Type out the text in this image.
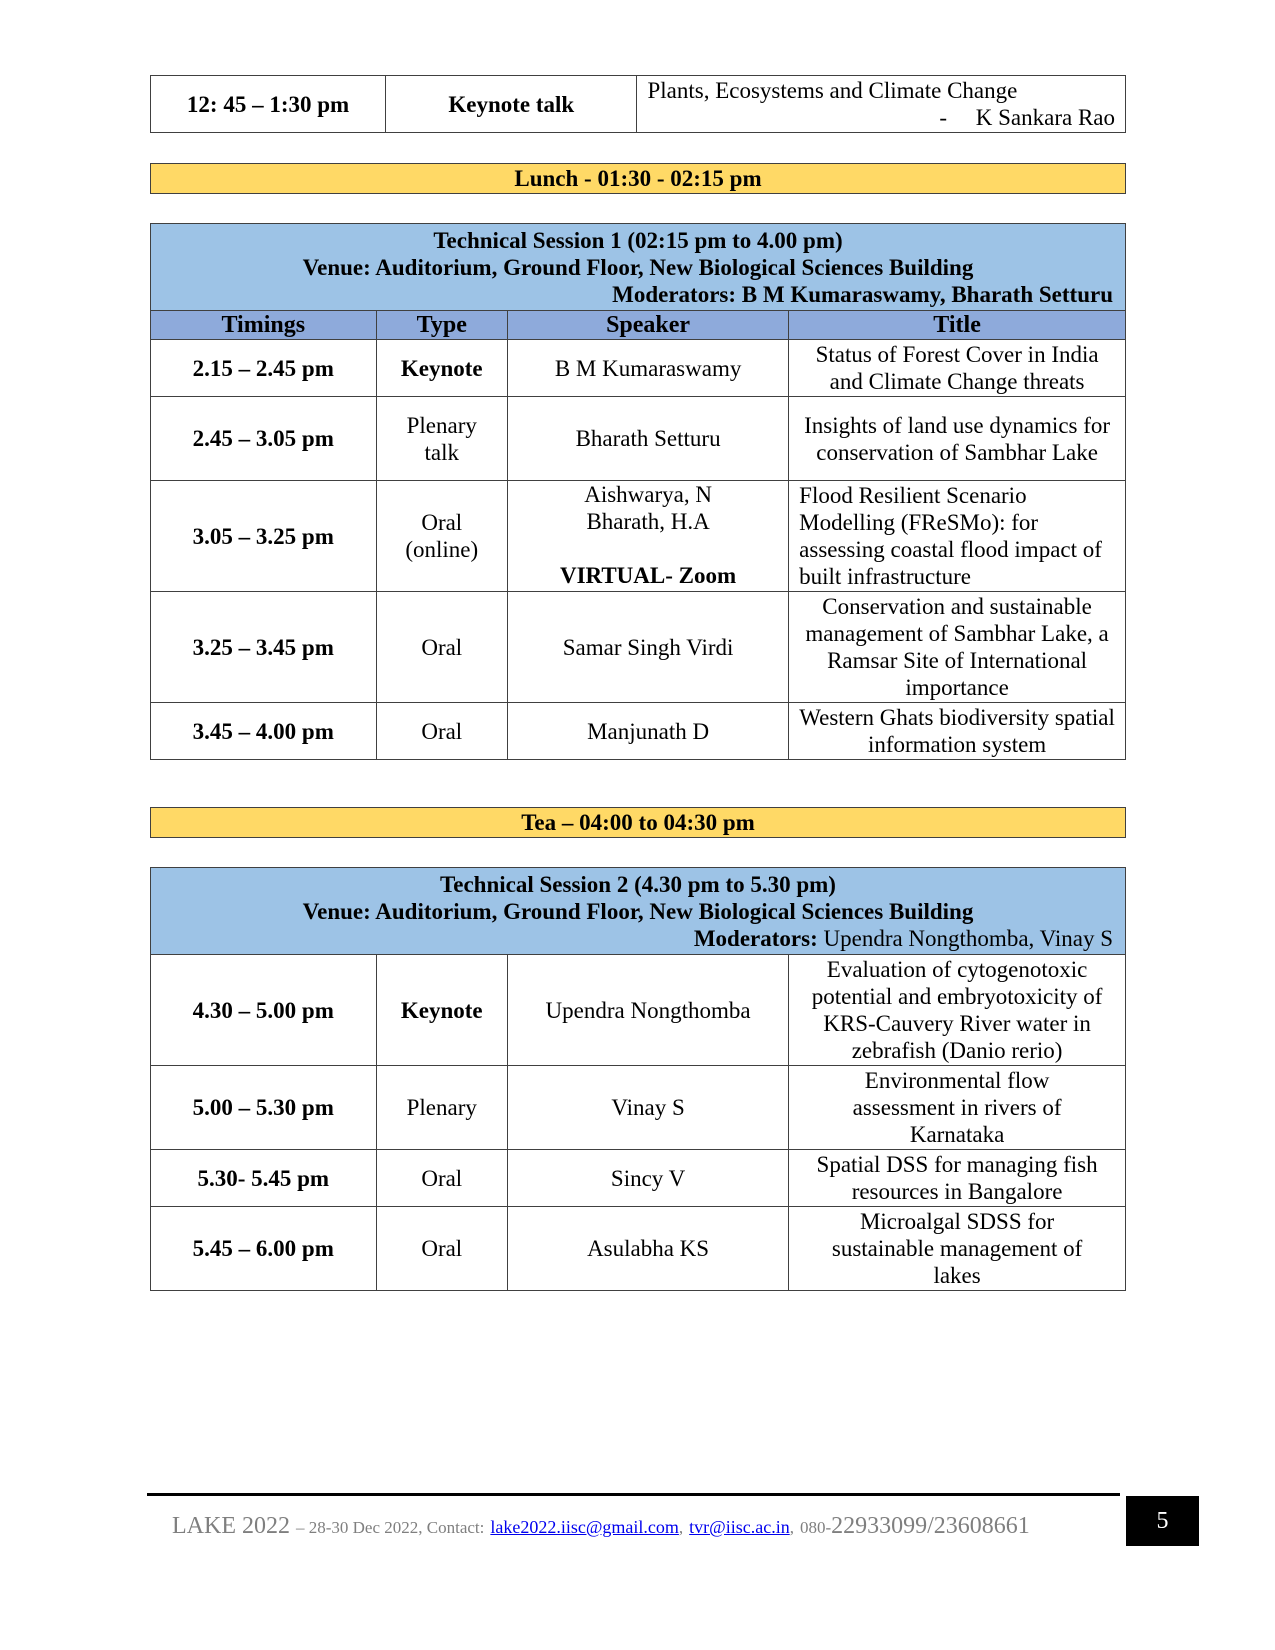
12: 45 – 1:30 pm	Keynote talk	
Plants, Ecosystems and Climate Change
-     K Sankara Rao
Lunch - 01:30 - 02:15 pm
Technical Session 1 (02:15 pm to 4.00 pm)
Venue: Auditorium, Ground Floor, New Biological Sciences Building
Moderators: B M Kumaraswamy, Bharath Setturu			

Timings	Type	Speaker	Title
2.15 – 2.45 pm	Keynote	B M Kumaraswamy	Status of Forest Cover in India and Climate Change threats
2.45 – 3.05 pm	Plenary talk	Bharath Setturu	Insights of land use dynamics for conservation of Sambhar Lake
3.05 – 3.25 pm	Oral (online)	Aishwarya, N
Bharath, H.A
VIRTUAL- Zoom	Flood Resilient Scenario Modelling (FReSMo): for assessing coastal flood impact of built infrastructure
3.25 – 3.45 pm	Oral	Samar Singh Virdi	Conservation and sustainable management of Sambhar Lake, a Ramsar Site of International importance
3.45 – 4.00 pm	Oral	Manjunath D	Western Ghats biodiversity spatial information system
Tea – 04:00 to 04:30 pm
Technical Session 2 (4.30 pm to 5.30 pm)
Venue: Auditorium, Ground Floor, New Biological Sciences Building
Moderators: Upendra Nongthomba, Vinay S			

4.30 – 5.00 pm	Keynote	Upendra Nongthomba	Evaluation of cytogenotoxic potential and embryotoxicity of KRS-Cauvery River water in zebrafish (Danio rerio)
5.00 – 5.30 pm	Plenary	Vinay S	Environmental flow assessment in rivers of Karnataka
5.30- 5.45 pm	Oral	Sincy V	Spatial DSS for managing fish resources in Bangalore
5.45 – 6.00 pm	Oral	Asulabha KS	Microalgal SDSS for sustainable management of lakes
LAKE 2022 – 28-30 Dec 2022, Contact: lake2022.iisc@gmail.com, tvr@iisc.ac.in, 080-22933099/23608661	5
